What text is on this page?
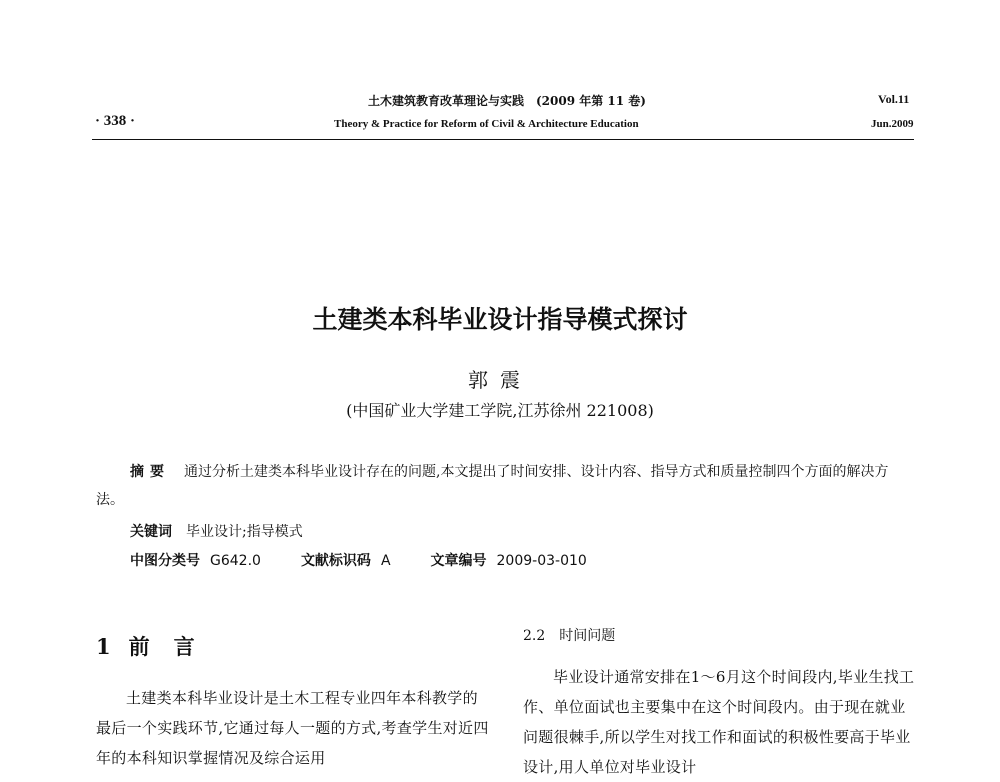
· 338 ·
土木建筑教育改革理论与实践　(2009 年第 11 卷)
Theory & Practice for Reform of Civil & Architecture Education
Vol.11
Jun.2009
土建类本科毕业设计指导模式探讨
郭震
(中国矿业大学建工学院,江苏徐州 221008)
摘要 通过分析土建类本科毕业设计存在的问题,本文提出了时间安排、设计内容、指导方式和质量控制四个方面的解决方法。
关键词 毕业设计;指导模式
中图分类号 G642.0	文献标识码 A	文章编号 2009-03-010
1 前言
土建类本科毕业设计是土木工程专业四年本科教学的最后一个实践环节,它通过每人一题的方式,考查学生对近四年的本科知识掌握情况及综合运用
2.2 时间问题
毕业设计通常安排在1～6月这个时间段内,毕业生找工作、单位面试也主要集中在这个时间段内。由于现在就业问题很棘手,所以学生对找工作和面试的积极性要高于毕业设计,用人单位对毕业设计
